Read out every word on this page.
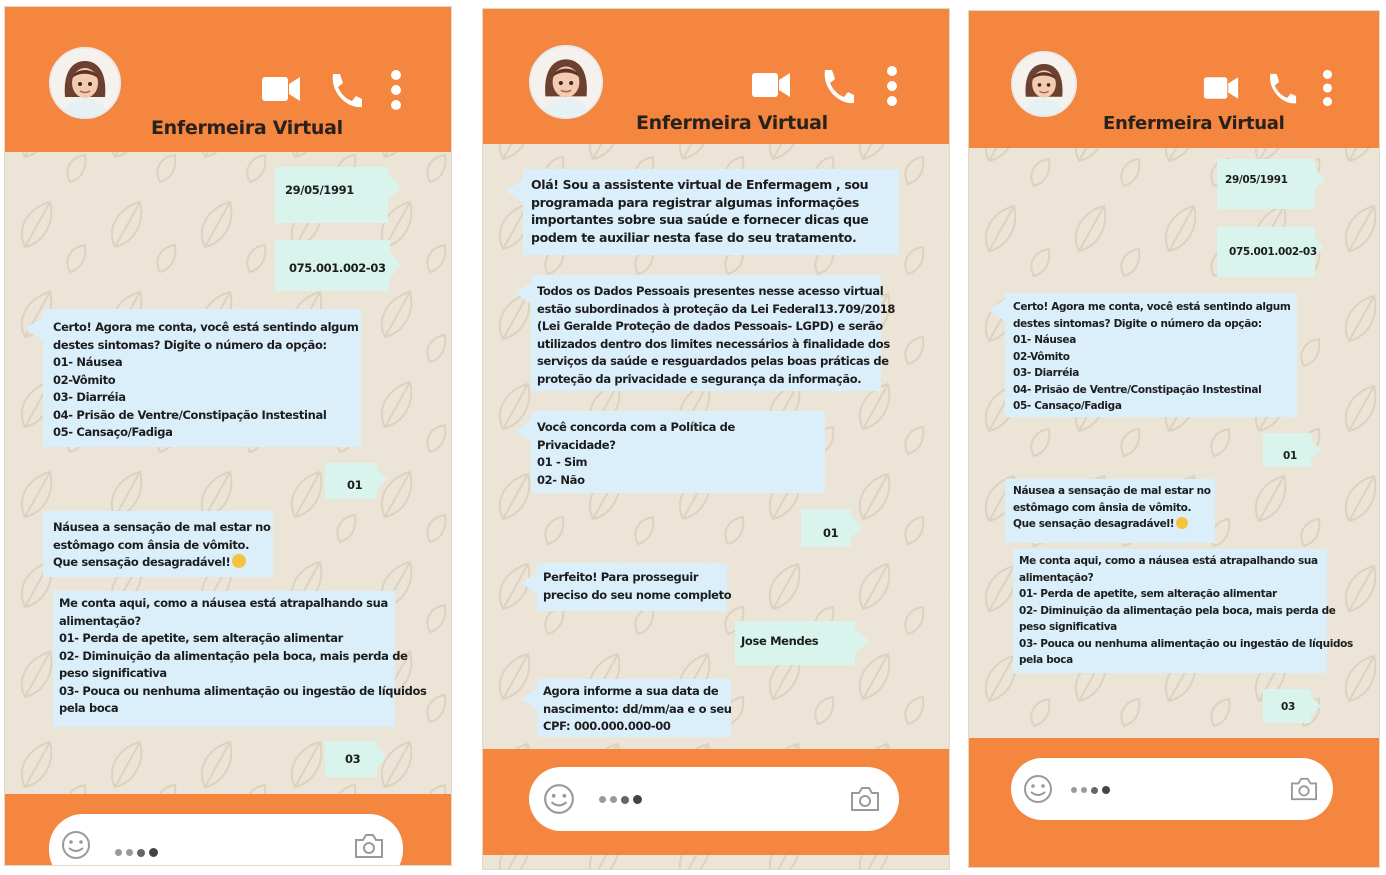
Enfermeira Virtual
29/05/1991
075.001.002-03
Certo! Agora me conta, você está sentindo algum
destes sintomas? Digite o número da opção:
01- Náusea
02-Vômito
03- Diarréia
04- Prisão de Ventre/Constipação Instestinal
05- Cansaço/Fadiga
01
Náusea a sensação de mal estar no
estômago com ânsia de vômito.
Que sensação desagradável!
Me conta aqui, como a náusea está atrapalhando sua
alimentação?
01- Perda de apetite, sem alteração alimentar
02- Diminuição da alimentação pela boca, mais perda de
peso significativa
03- Pouca ou nenhuma alimentação ou ingestão de líquidos
pela boca
03
Enfermeira Virtual
Olá! Sou a assistente virtual de Enfermagem , sou
programada para registrar algumas informações
importantes sobre sua saúde e fornecer dicas que
podem te auxiliar nesta fase do seu tratamento.
Todos os Dados Pessoais presentes nesse acesso virtual
estão subordinados à proteção da Lei Federal13.709/2018
(Lei Geralde Proteção de dados Pessoais- LGPD) e serão
utilizados dentro dos limites necessários à finalidade dos
serviços da saúde e resguardados pelas boas práticas de
proteção da privacidade e segurança da informação.
Você concorda com a Política de
Privacidade?
01 - Sim
02- Não
01
Perfeito! Para prosseguir
preciso do seu nome completo
Jose Mendes
Agora informe a sua data de
nascimento: dd/mm/aa e o seu
CPF: 000.000.000-00
Enfermeira Virtual
29/05/1991
075.001.002-03
Certo! Agora me conta, você está sentindo algum
destes sintomas? Digite o número da opção:
01- Náusea
02-Vômito
03- Diarréia
04- Prisão de Ventre/Constipação Instestinal
05- Cansaço/Fadiga
01
Náusea a sensação de mal estar no
estômago com ânsia de vômito.
Que sensação desagradável!
Me conta aqui, como a náusea está atrapalhando sua
alimentação?
01- Perda de apetite, sem alteração alimentar
02- Diminuição da alimentação pela boca, mais perda de
peso significativa
03- Pouca ou nenhuma alimentação ou ingestão de líquidos
pela boca
03
